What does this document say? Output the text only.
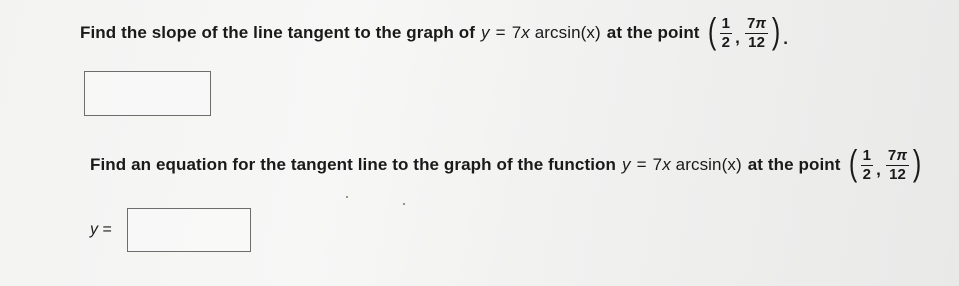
Find the slope of the line tangent to the graph of y = 7x arcsin(x) at the point ( $\frac{1}{2}$ , $\frac{7\pi}{12}$ ) .
Find an equation for the tangent line to the graph of the function y = 7x arcsin(x) at the point ( $\frac{1}{2}$ , $\frac{7\pi}{12}$ )
y =
